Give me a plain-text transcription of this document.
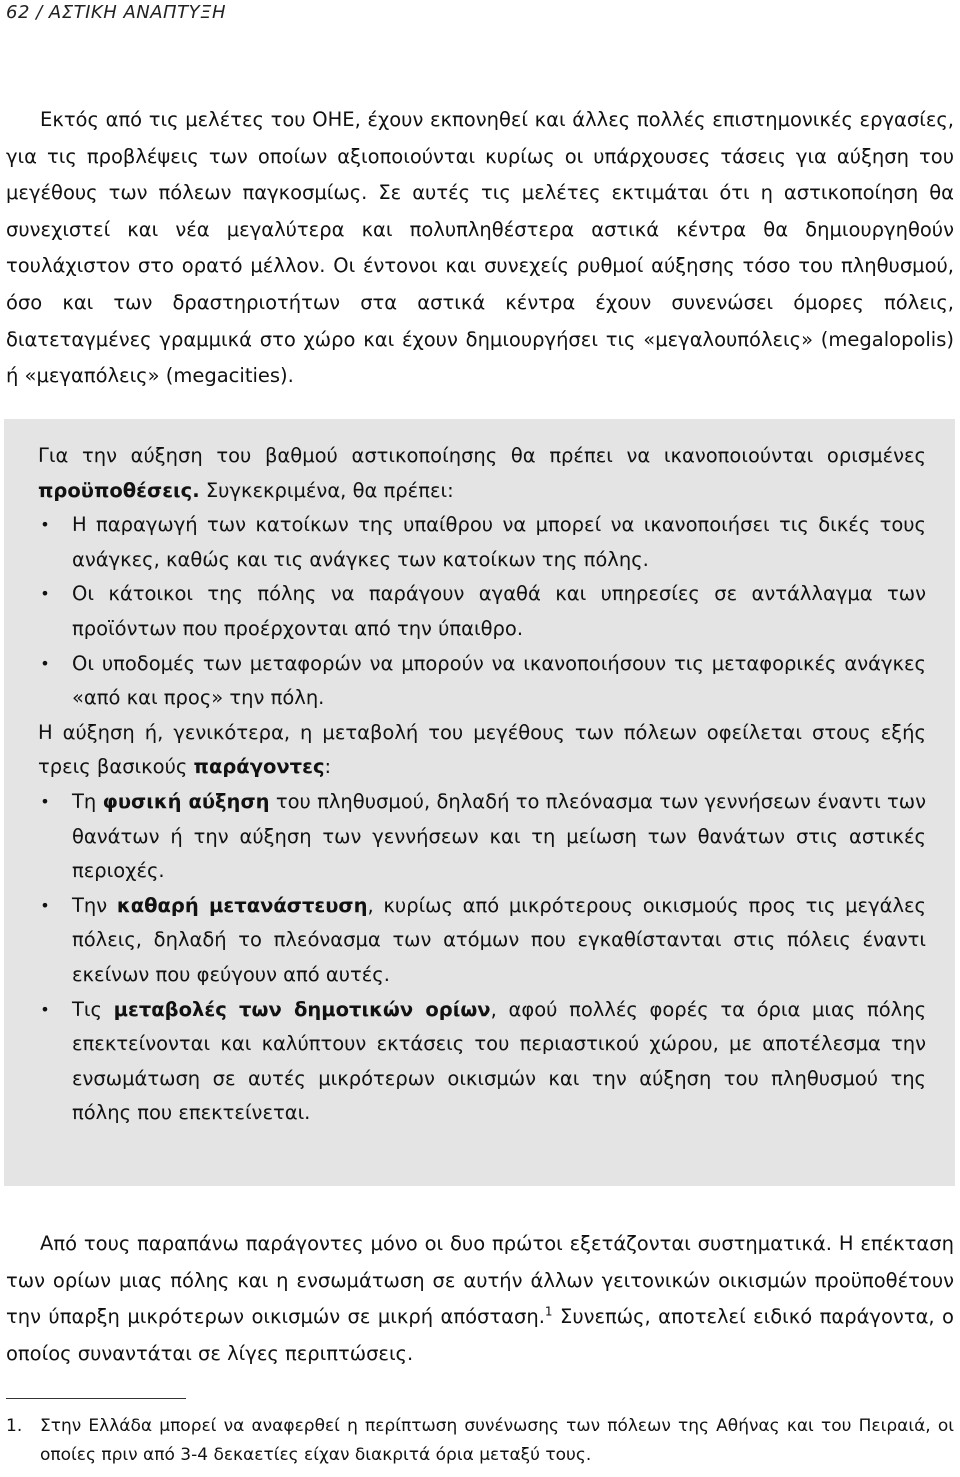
62 / ΑΣΤΙΚΗ ΑΝΑΠΤΥΞΗ

Εκτός από τις μελέτες του ΟΗΕ, έχουν εκπονηθεί και άλλες πολλές επιστημονικές εργασίες, για τις προβλέψεις των οποίων αξιοποιούνται κυρίως οι υπάρχουσες τάσεις για αύξηση του μεγέθους των πόλεων παγκοσμίως. Σε αυτές τις μελέτες εκτιμάται ότι η αστικοποίηση θα συνεχιστεί και νέα μεγαλύτερα και πολυπληθέστερα αστικά κέντρα θα δημιουργηθούν τουλάχιστον στο ορατό μέλλον. Οι έντονοι και συνεχείς ρυθμοί αύξησης τόσο του πληθυσμού, όσο και των δραστηριοτήτων στα αστικά κέντρα έχουν συνενώσει όμορες πόλεις, διατεταγμένες γραμμικά στο χώρο και έχουν δημιουργήσει τις «μεγαλουπόλεις» (megalopolis) ή «μεγαπόλεις» (megacities).

Για την αύξηση του βαθμού αστικοποίησης θα πρέπει να ικανοποιούνται ορισμένες προϋποθέσεις. Συγκεκριμένα, θα πρέπει:

• Η παραγωγή των κατοίκων της υπαίθρου να μπορεί να ικανοποιήσει τις δικές τους ανάγκες, καθώς και τις ανάγκες των κατοίκων της πόλης.
• Οι κάτοικοι της πόλης να παράγουν αγαθά και υπηρεσίες σε αντάλλαγμα των προϊόντων που προέρχονται από την ύπαιθρο.
• Οι υποδομές των μεταφορών να μπορούν να ικανοποιήσουν τις μεταφορικές ανάγκες «από και προς» την πόλη.

Η αύξηση ή, γενικότερα, η μεταβολή του μεγέθους των πόλεων οφείλεται στους εξής τρεις βασικούς παράγοντες:

• Τη φυσική αύξηση του πληθυσμού, δηλαδή το πλεόνασμα των γεννήσεων έναντι των θανάτων ή την αύξηση των γεννήσεων και τη μείωση των θανάτων στις αστικές περιοχές.
• Την καθαρή μετανάστευση, κυρίως από μικρότερους οικισμούς προς τις μεγάλες πόλεις, δηλαδή το πλεόνασμα των ατόμων που εγκαθίστανται στις πόλεις έναντι εκείνων που φεύγουν από αυτές.
• Τις μεταβολές των δημοτικών ορίων, αφού πολλές φορές τα όρια μιας πόλης επεκτείνονται και καλύπτουν εκτάσεις του περιαστικού χώρου, με αποτέλεσμα την ενσωμάτωση σε αυτές μικρότερων οικισμών και την αύξηση του πληθυσμού της πόλης που επεκτείνεται.

Από τους παραπάνω παράγοντες μόνο οι δυο πρώτοι εξετάζονται συστηματικά. Η επέκταση των ορίων μιας πόλης και η ενσωμάτωση σε αυτήν άλλων γειτονικών οικισμών προϋποθέτουν την ύπαρξη μικρότερων οικισμών σε μικρή απόσταση.$^1$ Συνεπώς, αποτελεί ειδικό παράγοντα, ο οποίος συναντάται σε λίγες περιπτώσεις.

1. Στην Ελλάδα μπορεί να αναφερθεί η περίπτωση συνένωσης των πόλεων της Αθήνας και του Πειραιά, οι οποίες πριν από 3-4 δεκαετίες είχαν διακριτά όρια μεταξύ τους.
